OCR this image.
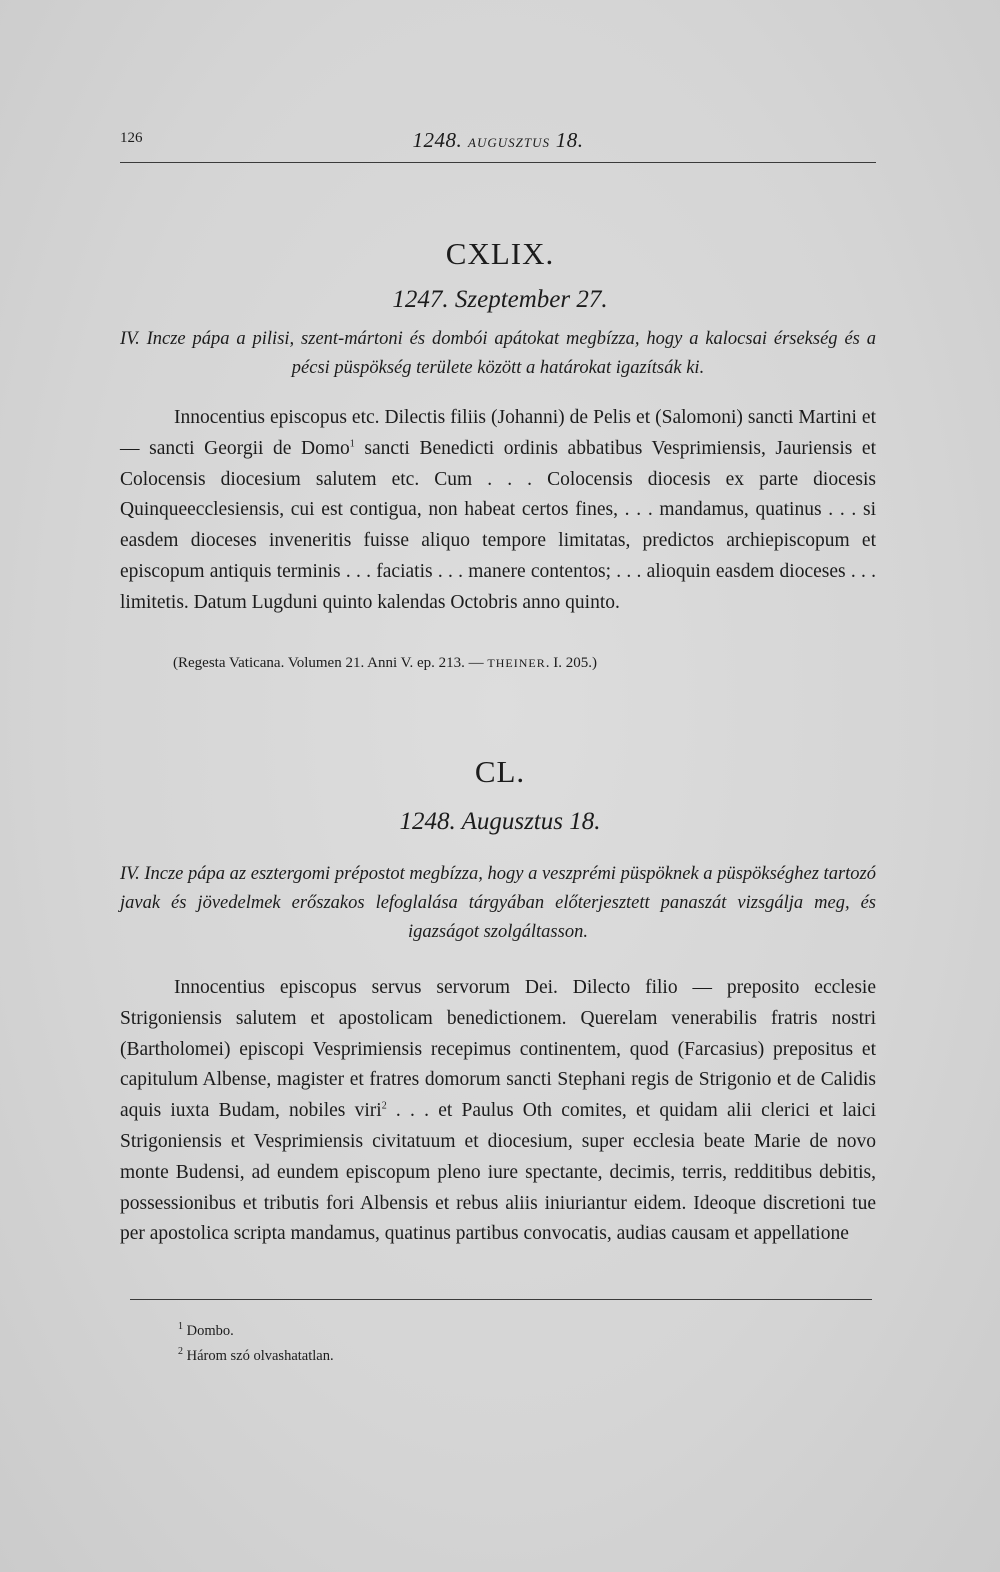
126	1248. AUGUSZTUS 18.
CXLIX.
1247. Szeptember 27.
IV. Incze pápa a pilisi, szent-mártoni és dombói apátokat megbízza, hogy a kalocsai érsekség és a pécsi püspökség területe között a határokat igazítsák ki.
Innocentius episcopus etc. Dilectis filiis (Johanni) de Pelis et (Salomoni) sancti Martini et — sancti Georgii de Domo$^1$ sancti Benedicti ordinis abbatibus Vesprimiensis, Jauriensis et Colocensis diocesium salutem etc. Cum . . . Colocensis diocesis ex parte diocesis Quinqueecclesiensis, cui est contigua, non habeat certos fines, . . . mandamus, quatinus . . . si easdem dioceses inveneritis fuisse aliquo tempore limitatas, predictos archiepiscopum et episcopum antiquis terminis . . . faciatis . . . manere contentos; . . . alioquin easdem dioceses . . . limitetis. Datum Lugduni quinto kalendas Octobris anno quinto.
(Regesta Vaticana. Volumen 21. Anni V. ep. 213. — THEINER. I. 205.)
CL.
1248. Augusztus 18.
IV. Incze pápa az esztergomi prépostot megbízza, hogy a veszprémi püspöknek a püspökséghez tartozó javak és jövedelmek erőszakos lefoglalása tárgyában előterjesztett panaszát vizsgálja meg, és igazságot szolgáltasson.
Innocentius episcopus servus servorum Dei. Dilecto filio — preposito ecclesie Strigoniensis salutem et apostolicam benedictionem. Querelam venerabilis fratris nostri (Bartholomei) episcopi Vesprimiensis recepimus continentem, quod (Farcasius) prepositus et capitulum Albense, magister et fratres domorum sancti Stephani regis de Strigonio et de Calidis aquis iuxta Budam, nobiles viri$^2$ . . . et Paulus Oth comites, et quidam alii clerici et laici Strigoniensis et Vesprimiensis civitatuum et diocesium, super ecclesia beate Marie de novo monte Budensi, ad eundem episcopum pleno iure spectante, decimis, terris, redditibus debitis, possessionibus et tributis fori Albensis et rebus aliis iniuriantur eidem. Ideoque discretioni tue per apostolica scripta mandamus, quatinus partibus convocatis, audias causam et appellatione
$^1$ Dombo.
$^2$ Három szó olvashatatlan.
